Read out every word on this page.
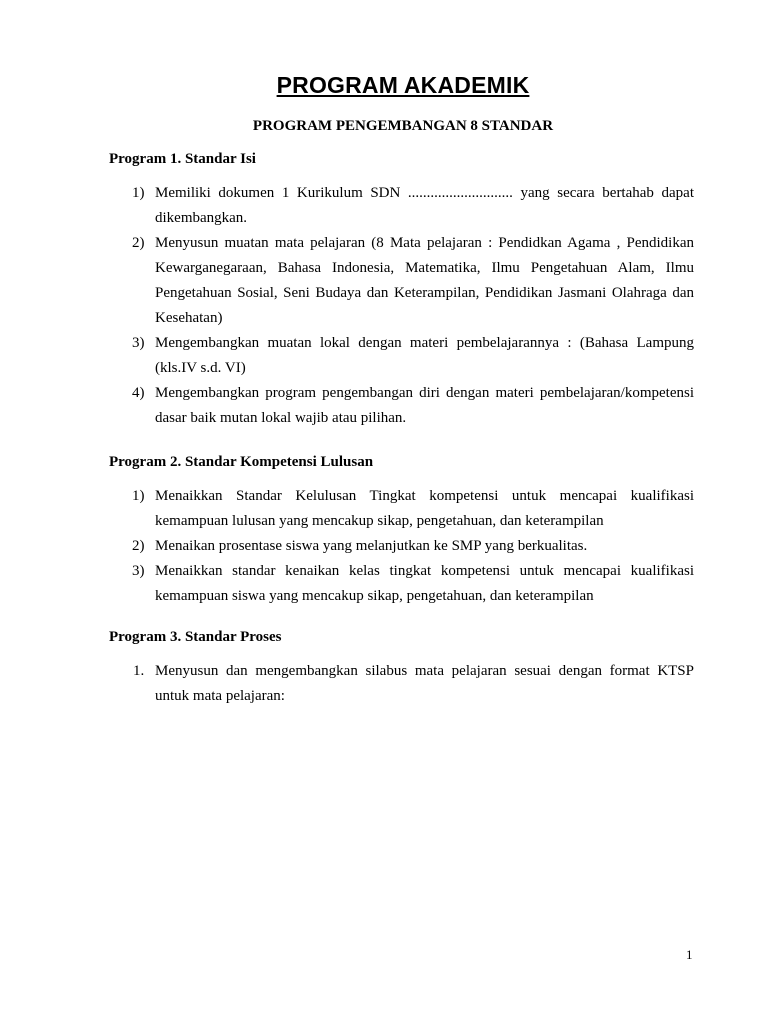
PROGRAM AKADEMIK
PROGRAM PENGEMBANGAN 8 STANDAR
Program 1. Standar Isi
1) Memiliki dokumen 1 Kurikulum SDN ............................ yang secara bertahab dapat dikembangkan.
2) Menyusun muatan mata pelajaran (8 Mata pelajaran : Pendidkan Agama , Pendidikan Kewarganegaraan, Bahasa Indonesia, Matematika, Ilmu Pengetahuan Alam, Ilmu Pengetahuan Sosial, Seni Budaya dan Keterampilan, Pendidikan Jasmani Olahraga dan Kesehatan)
3) Mengembangkan muatan lokal dengan materi pembelajarannya : (Bahasa Lampung (kls.IV s.d. VI)
4) Mengembangkan program pengembangan diri dengan materi pembelajaran/kompetensi dasar baik mutan lokal wajib atau pilihan.
Program 2. Standar Kompetensi Lulusan
1) Menaikkan Standar Kelulusan Tingkat kompetensi untuk mencapai kualifikasi kemampuan lulusan yang mencakup sikap, pengetahuan, dan keterampilan
2) Menaikan prosentase siswa yang melanjutkan ke SMP yang berkualitas.
3) Menaikkan standar kenaikan kelas tingkat kompetensi untuk mencapai kualifikasi kemampuan siswa yang mencakup sikap, pengetahuan, dan keterampilan
Program 3. Standar Proses
1. Menyusun dan mengembangkan silabus mata pelajaran sesuai dengan format KTSP untuk mata pelajaran:
1
